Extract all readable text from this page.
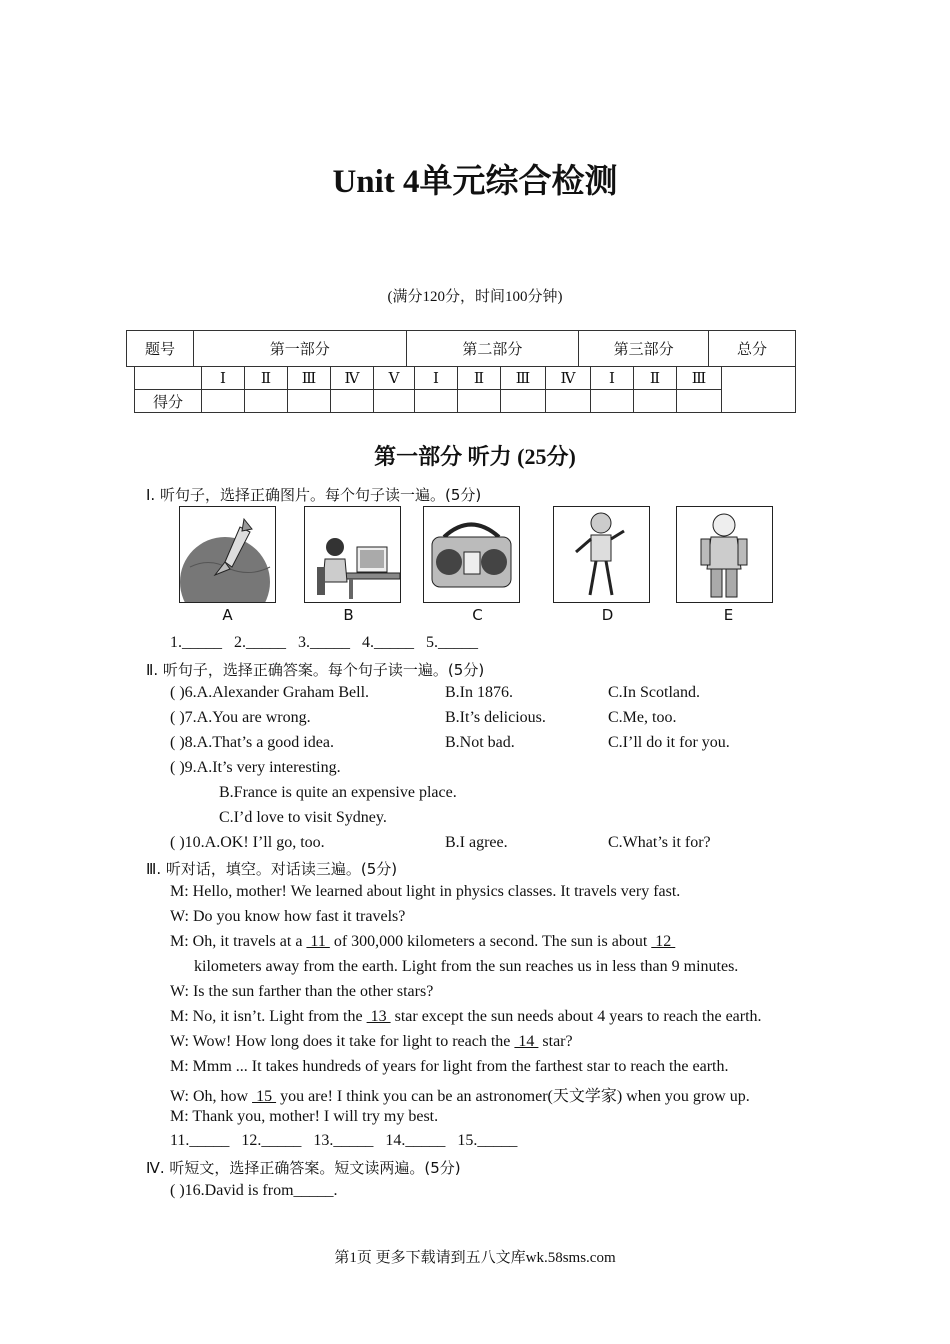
Unit 4单元综合检测
(满分120分，时间100分钟)
题号	第一部分	第二部分	第三部分	总分
	Ⅰ	Ⅱ	Ⅲ	Ⅳ	Ⅴ	Ⅰ	Ⅱ	Ⅲ	Ⅳ	Ⅰ	Ⅱ	Ⅲ	
得分													
第一部分 听力 (25分)
Ⅰ. 听句子，选择正确图片。每个句子读一遍。(5分)
A	B	C	D	E
1._____   2._____   3._____   4._____   5._____
Ⅱ. 听句子，选择正确答案。每个句子读一遍。(5分)
( )6.A.Alexander Graham Bell.	B.In 1876.	C.In Scotland.
( )7.A.You are wrong.	B.It’s delicious.	C.Me, too.
( )8.A.That’s a good idea.	B.Not bad.	C.I’ll do it for you.
( )9.A.It’s very interesting.
B.France is quite an expensive place.
C.I’d love to visit Sydney.
( )10.A.OK! I’ll go, too.	B.I agree.	C.What’s it for?
Ⅲ. 听对话，填空。对话读三遍。(5分)
M: Hello, mother! We learned about light in physics classes. It travels very fast.
W: Do you know how fast it travels?
M: Oh, it travels at a  11  of 300,000 kilometers a second. The sun is about  12
kilometers away from the earth. Light from the sun reaches us in less than 9 minutes.
W: Is the sun farther than the other stars?
M: No, it isn’t. Light from the  13  star except the sun needs about 4 years to reach the earth.
W: Wow! How long does it take for light to reach the  14  star?
M: Mmm ... It takes hundreds of years for light from the farthest star to reach the earth.
W: Oh, how  15  you are! I think you can be an astronomer(天文学家) when you grow up.
M: Thank you, mother! I will try my best.
11._____   12._____   13._____   14._____   15._____
Ⅳ. 听短文，选择正确答案。短文读两遍。(5分)
( )16.David is from_____.
第1页 更多下载请到五八文库wk.58sms.com
